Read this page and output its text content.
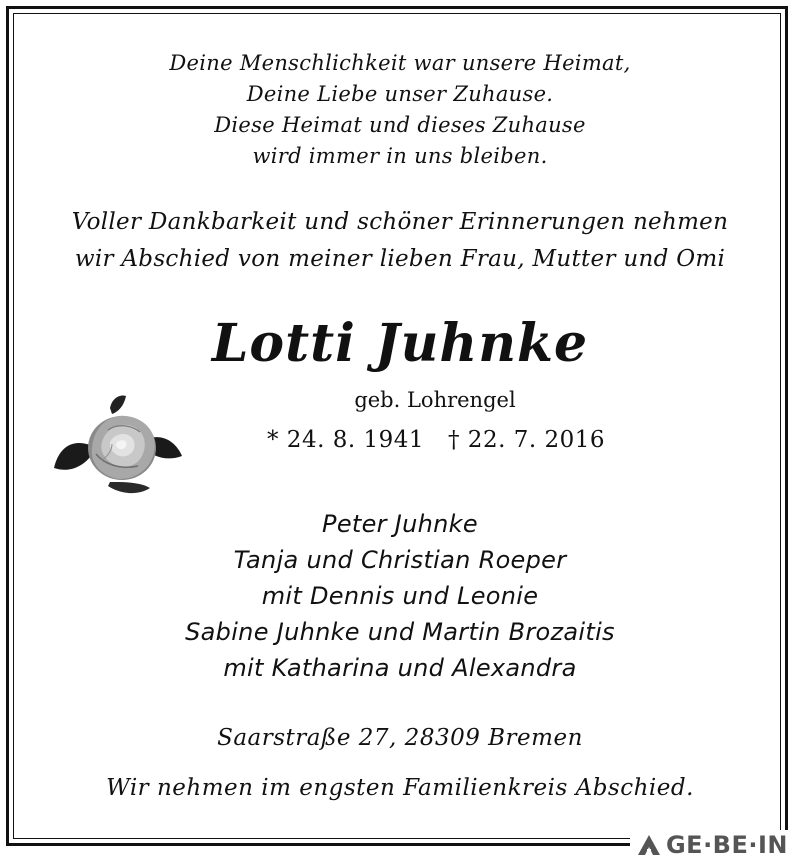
Deine Menschlichkeit war unsere Heimat,
Deine Liebe unser Zuhause.
Diese Heimat und dieses Zuhause
wird immer in uns bleiben.
Voller Dankbarkeit und schöner Erinnerungen nehmen
wir Abschied von meiner lieben Frau, Mutter und Omi
Lotti Juhnke
geb. Lohrengel
* 24. 8. 1941 † 22. 7. 2016
Peter Juhnke
Tanja und Christian Roeper
mit Dennis und Leonie
Sabine Juhnke und Martin Brozaitis
mit Katharina und Alexandra
Saarstraße 27, 28309 Bremen
Wir nehmen im engsten Familienkreis Abschied.
GE·BE·IN
